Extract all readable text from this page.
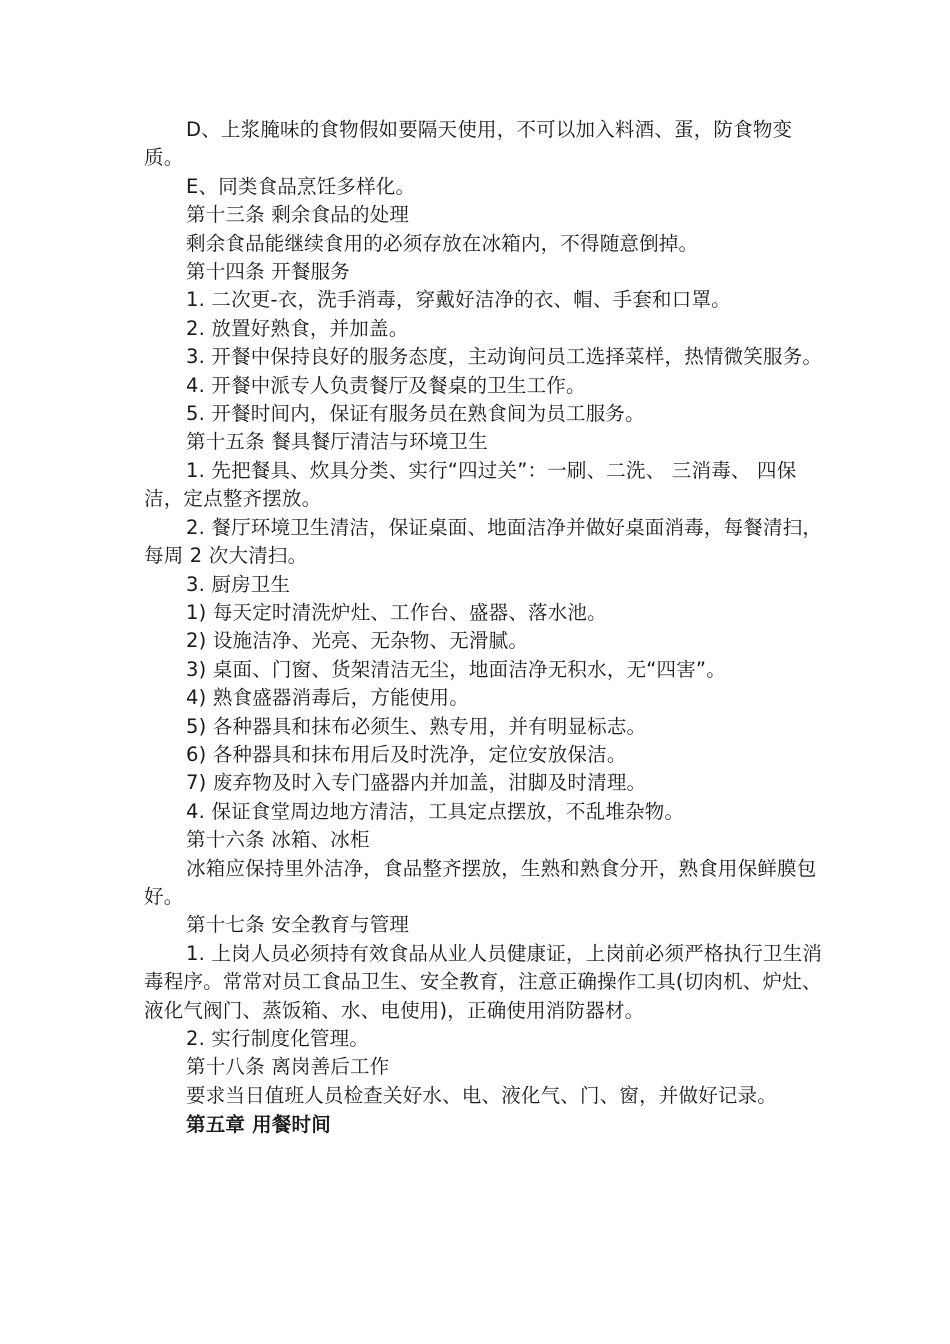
D、上浆腌味的食物假如要隔天使用，不可以加入料酒、蛋，防食物变质。

E、同类食品烹饪多样化。

第十三条 剩余食品的处理

剩余食品能继续食用的必须存放在冰箱内，不得随意倒掉。

第十四条 开餐服务

1. 二次更-衣，洗手消毒，穿戴好洁净的衣、帽、手套和口罩。

2. 放置好熟食，并加盖。

3. 开餐中保持良好的服务态度，主动询问员工选择菜样，热情微笑服务。

4. 开餐中派专人负责餐厅及餐桌的卫生工作。

5. 开餐时间内，保证有服务员在熟食间为员工服务。

第十五条 餐具餐厅清洁与环境卫生

1. 先把餐具、炊具分类、实行“四过关”：一刷、二洗、 三消毒、 四保洁，定点整齐摆放。

2. 餐厅环境卫生清洁，保证桌面、地面洁净并做好桌面消毒，每餐清扫，每周 2 次大清扫。

3. 厨房卫生

1) 每天定时清洗炉灶、工作台、盛器、落水池。

2) 设施洁净、光亮、无杂物、无滑腻。

3) 桌面、门窗、货架清洁无尘，地面洁净无积水，无“四害”。

4) 熟食盛器消毒后，方能使用。

5) 各种器具和抹布必须生、熟专用，并有明显标志。

6) 各种器具和抹布用后及时洗净，定位安放保洁。

7) 废弃物及时入专门盛器内并加盖，泔脚及时清理。

4. 保证食堂周边地方清洁，工具定点摆放，不乱堆杂物。

第十六条 冰箱、冰柜

冰箱应保持里外洁净，食品整齐摆放，生熟和熟食分开，熟食用保鲜膜包好。

第十七条 安全教育与管理

1. 上岗人员必须持有效食品从业人员健康证，上岗前必须严格执行卫生消毒程序。常常对员工食品卫生、安全教育，注意正确操作工具(切肉机、炉灶、液化气阀门、蒸饭箱、水、电使用)，正确使用消防器材。

2. 实行制度化管理。

第十八条 离岗善后工作

要求当日值班人员检查关好水、电、液化气、门、窗，并做好记录。

第五章 用餐时间
